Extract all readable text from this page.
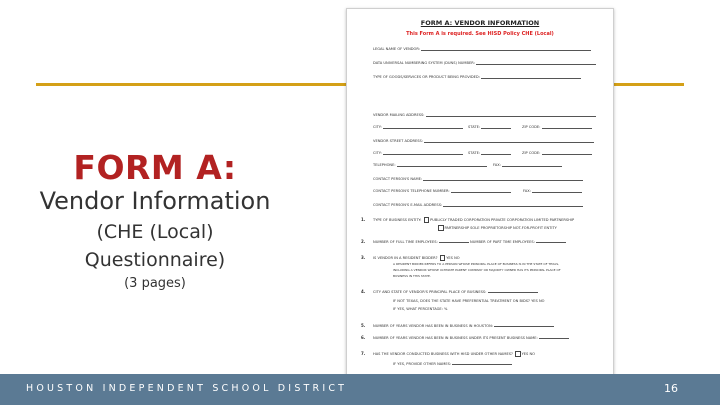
FORM A:
Vendor Information
(CHE (Local)
Questionnaire)
(3 pages)
FORM A: VENDOR INFORMATION
This Form A is required. See HISD Policy CHE (Local)
LEGAL NAME OF VENDOR:
DATA UNIVERSAL NUMBERING SYSTEM (DUNS) NUMBER:
TYPE OF GOODS/SERVICES OR PRODUCT BEING PROVIDED:
VENDOR MAILING ADDRESS:
CITY:	STATE:	ZIP CODE:
VENDOR STREET ADDRESS:
CITY:	STATE:	ZIP CODE:
TELEPHONE:	FAX:
CONTACT PERSON'S NAME:
CONTACT PERSON'S TELEPHONE NUMBER:	FAX:
CONTACT PERSON'S E-MAIL ADDRESS:
1. TYPE OF BUSINESS ENTITY: PUBLICLY TRADED CORPORATION PRIVATE CORPORATION LIMITED PARTNERSHIP
PARTNERSHIP SOLE PROPRIETORSHIP NOT-FOR-PROFIT ENTITY
2. NUMBER OF FULL TIME EMPLOYEES:	NUMBER OF PART TIME EMPLOYEES:
3. IS VENDOR IN A RESIDENT BIDDER? YES NO
A RESIDENT BIDDER REFERS TO A PERSON WHOSE PRINCIPAL PLACE OF BUSINESS IS IN THE STATE OF TEXAS,
INCLUDING A VENDOR WHOSE ULTIMATE PARENT COMPANY OR MAJORITY OWNER HAS ITS PRINCIPAL PLACE OF
BUSINESS IN THIS STATE.
4. CITY AND STATE OF VENDOR'S PRINCIPAL PLACE OF BUSINESS:
IF NOT TEXAS, DOES THE STATE HAVE PREFERENTIAL TREATMENT ON BIDS? YES NO
IF YES, WHAT PERCENTAGE: %
5. NUMBER OF YEARS VENDOR HAS BEEN IN BUSINESS IN HOUSTON:
6. NUMBER OF YEARS VENDOR HAS BEEN IN BUSINESS UNDER ITS PRESENT BUSINESS NAME:
7. HAS THE VENDOR CONDUCTED BUSINESS WITH HISD UNDER OTHER NAMES? YES NO
IF YES, PROVIDE OTHER NAMES:
HOUSTON INDEPENDENT SCHOOL DISTRICT	16
